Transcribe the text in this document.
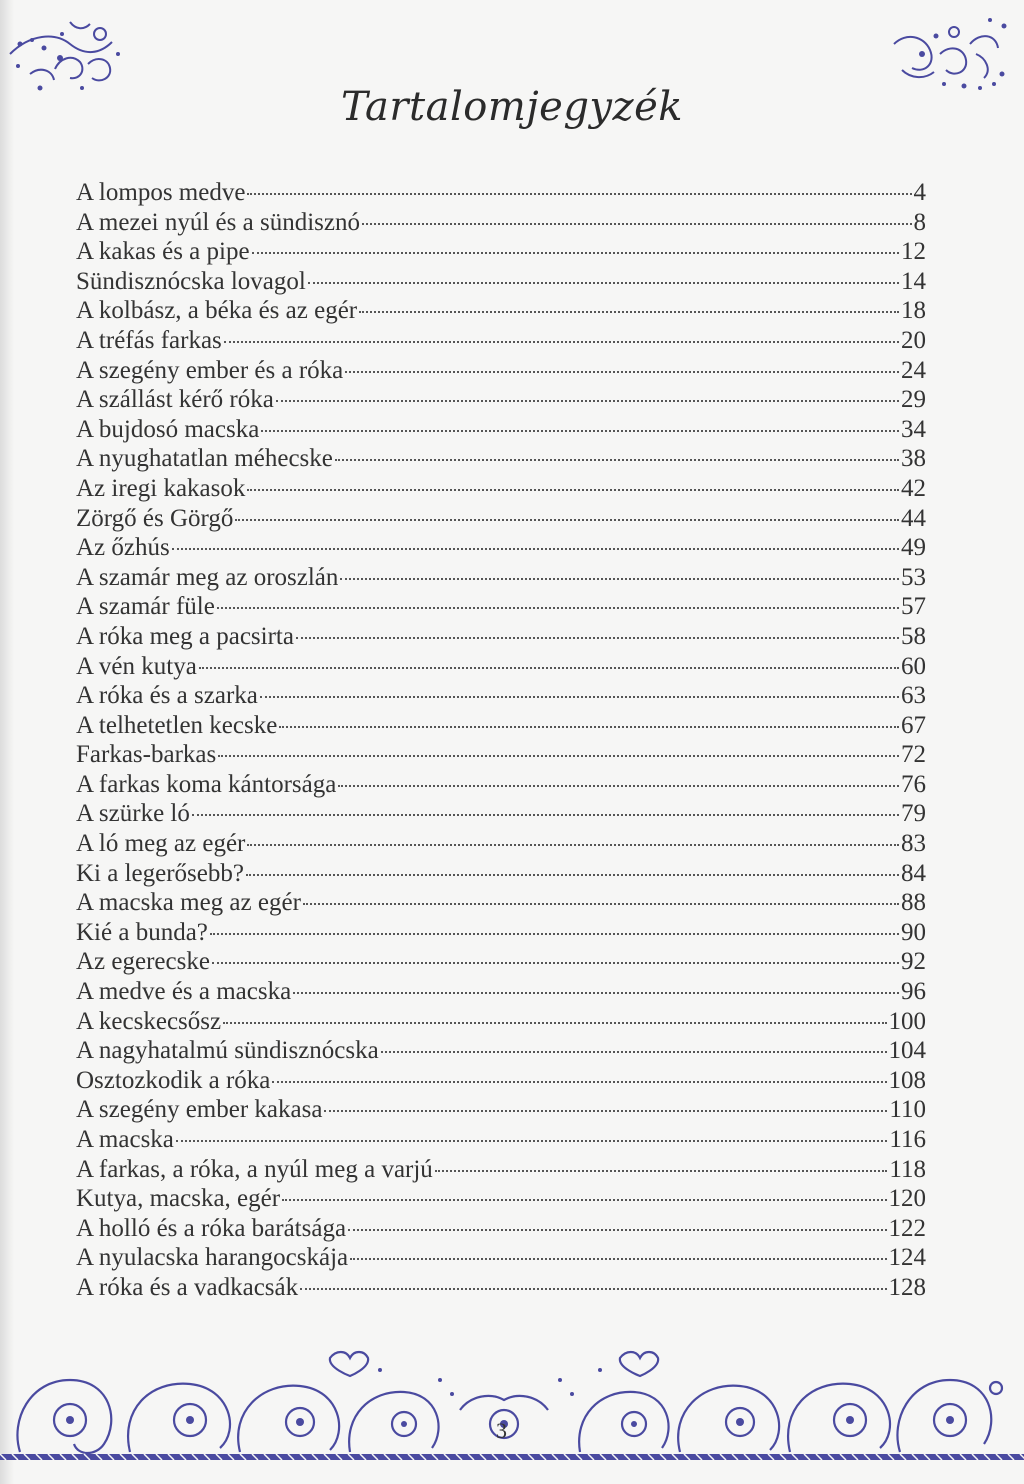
Tartalomjegyzék
A lompos medve	4
A mezei nyúl és a sündisznó	8
A kakas és a pipe	12
Sündisznócska lovagol	14
A kolbász, a béka és az egér	18
A tréfás farkas	20
A szegény ember és a róka	24
A szállást kérő róka	29
A bujdosó macska	34
A nyughatatlan méhecske	38
Az iregi kakasok	42
Zörgő és Görgő	44
Az őzhús	49
A szamár meg az oroszlán	53
A szamár füle	57
A róka meg a pacsirta	58
A vén kutya	60
A róka és a szarka	63
A telhetetlen kecske	67
Farkas-barkas	72
A farkas koma kántorsága	76
A szürke ló	79
A ló meg az egér	83
Ki a legerősebb?	84
A macska meg az egér	88
Kié a bunda?	90
Az egerecske	92
A medve és a macska	96
A kecskecsősz	100
A nagyhatalmú sündisznócska	104
Osztozkodik a róka	108
A szegény ember kakasa	110
A macska	116
A farkas, a róka, a nyúl meg a varjú	118
Kutya, macska, egér	120
A holló és a róka barátsága	122
A nyulacska harangocskája	124
A róka és a vadkacsák	128
3
